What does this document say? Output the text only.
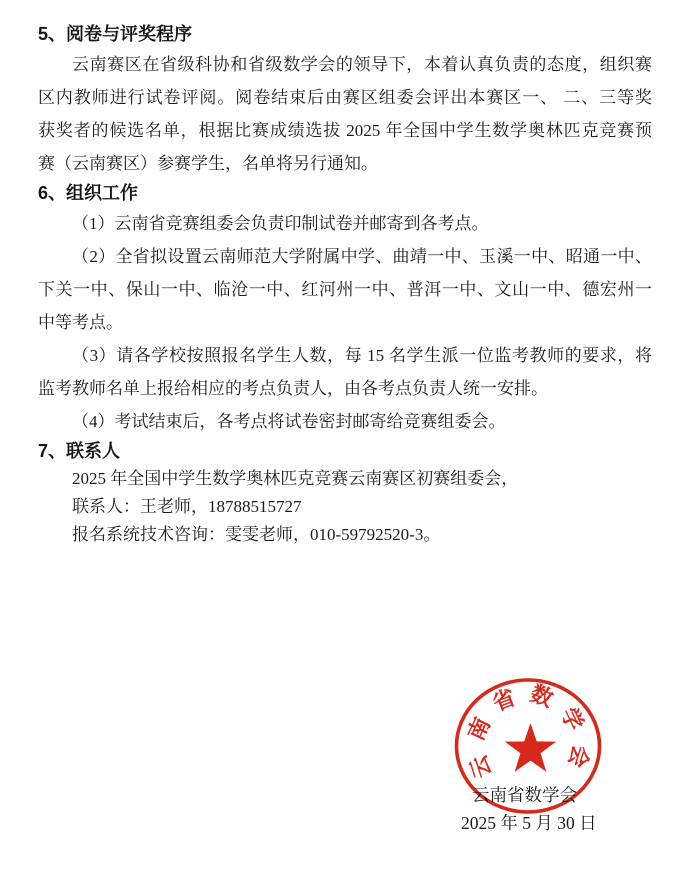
5、阅卷与评奖程序
云南赛区在省级科协和省级数学会的领导下，本着认真负责的态度，组织赛
区内教师进行试卷评阅。阅卷结束后由赛区组委会评出本赛区一、 二、三等奖
获奖者的候选名单，根据比赛成绩选拔 2025 年全国中学生数学奥林匹克竞赛预
赛（云南赛区）参赛学生，名单将另行通知。
6、组织工作
（1）云南省竞赛组委会负责印制试卷并邮寄到各考点。
（2）全省拟设置云南师范大学附属中学、曲靖一中、玉溪一中、昭通一中、
下关一中、保山一中、临沧一中、红河州一中、普洱一中、文山一中、德宏州一
中等考点。
（3）请各学校按照报名学生人数，每 15 名学生派一位监考教师的要求，将
监考教师名单上报给相应的考点负责人，由各考点负责人统一安排。
（4）考试结束后，各考点将试卷密封邮寄给竞赛组委会。
7、联系人
2025 年全国中学生数学奥林匹克竞赛云南赛区初赛组委会，
联系人：王老师，18788515727
报名系统技术咨询：雯雯老师，010-59792520-3。
云南省数学会
2025 年 5 月 30 日
云南省数学会
